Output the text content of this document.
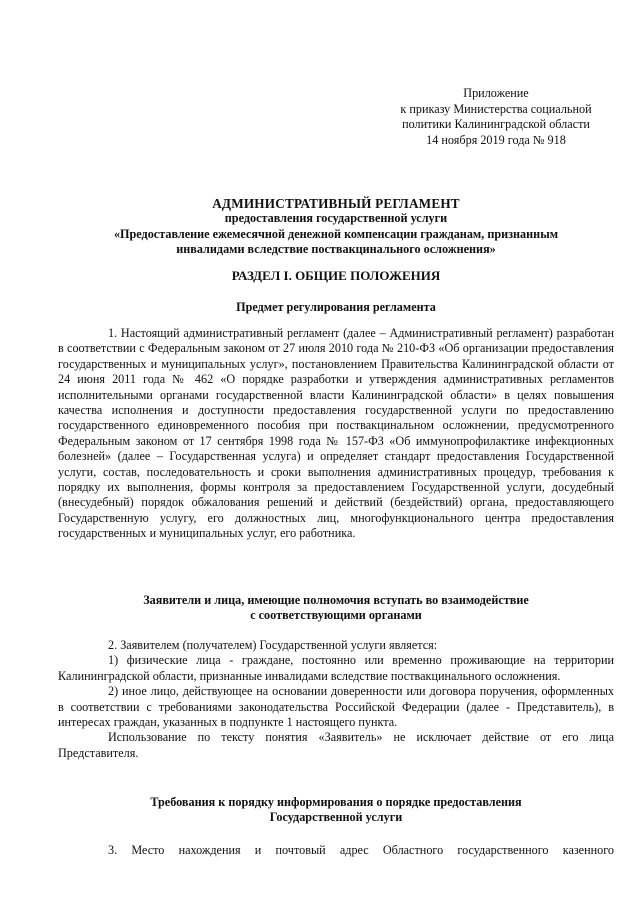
Приложение
к приказу Министерства социальной
политики Калининградской области
14 ноября 2019 года № 918
АДМИНИСТРАТИВНЫЙ РЕГЛАМЕНТ
предоставления государственной услуги
«Предоставление ежемесячной денежной компенсации гражданам, признанным
инвалидами вследствие поствакцинального осложнения»
РАЗДЕЛ I. ОБЩИЕ ПОЛОЖЕНИЯ
Предмет регулирования регламента

1. Настоящий административный регламент (далее – Административный регламент) разработан в соответствии с Федеральным законом от 27 июля 2010 года № 210-ФЗ «Об организации предоставления государственных и муниципальных услуг», постановлением Правительства Калининградской области от 24 июня 2011 года № 462 «О порядке разработки и утверждения административных регламентов исполнительными органами государственной власти Калининградской области» в целях повышения качества исполнения и доступности предоставления государственной услуги по предоставлению государственного единовременного пособия при поствакцинальном осложнении, предусмотренного Федеральным законом от 17 сентября 1998 года № 157-ФЗ «Об иммунопрофилактике инфекционных болезней» (далее – Государственная услуга) и определяет стандарт предоставления Государственной услуги, состав, последовательность и сроки выполнения административных процедур, требования к порядку их выполнения, формы контроля за предоставлением Государственной услуги, досудебный (внесудебный) порядок обжалования решений и действий (бездействий) органа, предоставляющего Государственную услугу, его должностных лиц, многофункционального центра предоставления государственных и муниципальных услуг, его работника.

Заявители и лица, имеющие полномочия вступать во взаимодействие
с соответствующими органами

2. Заявителем (получателем) Государственной услуги является:

1) физические лица - граждане, постоянно или временно проживающие на территории Калининградской области, признанные инвалидами вследствие поствакцинального осложнения.

2) иное лицо, действующее на основании доверенности или договора поручения, оформленных в соответствии с требованиями законодательства Российской Федерации (далее - Представитель), в интересах граждан, указанных в подпункте 1 настоящего пункта.

Использование по тексту понятия «Заявитель» не исключает действие от его лица Представителя.

Требования к порядку информирования о порядке предоставления
Государственной услуги

3. Место нахождения и почтовый адрес Областного государственного казенного
